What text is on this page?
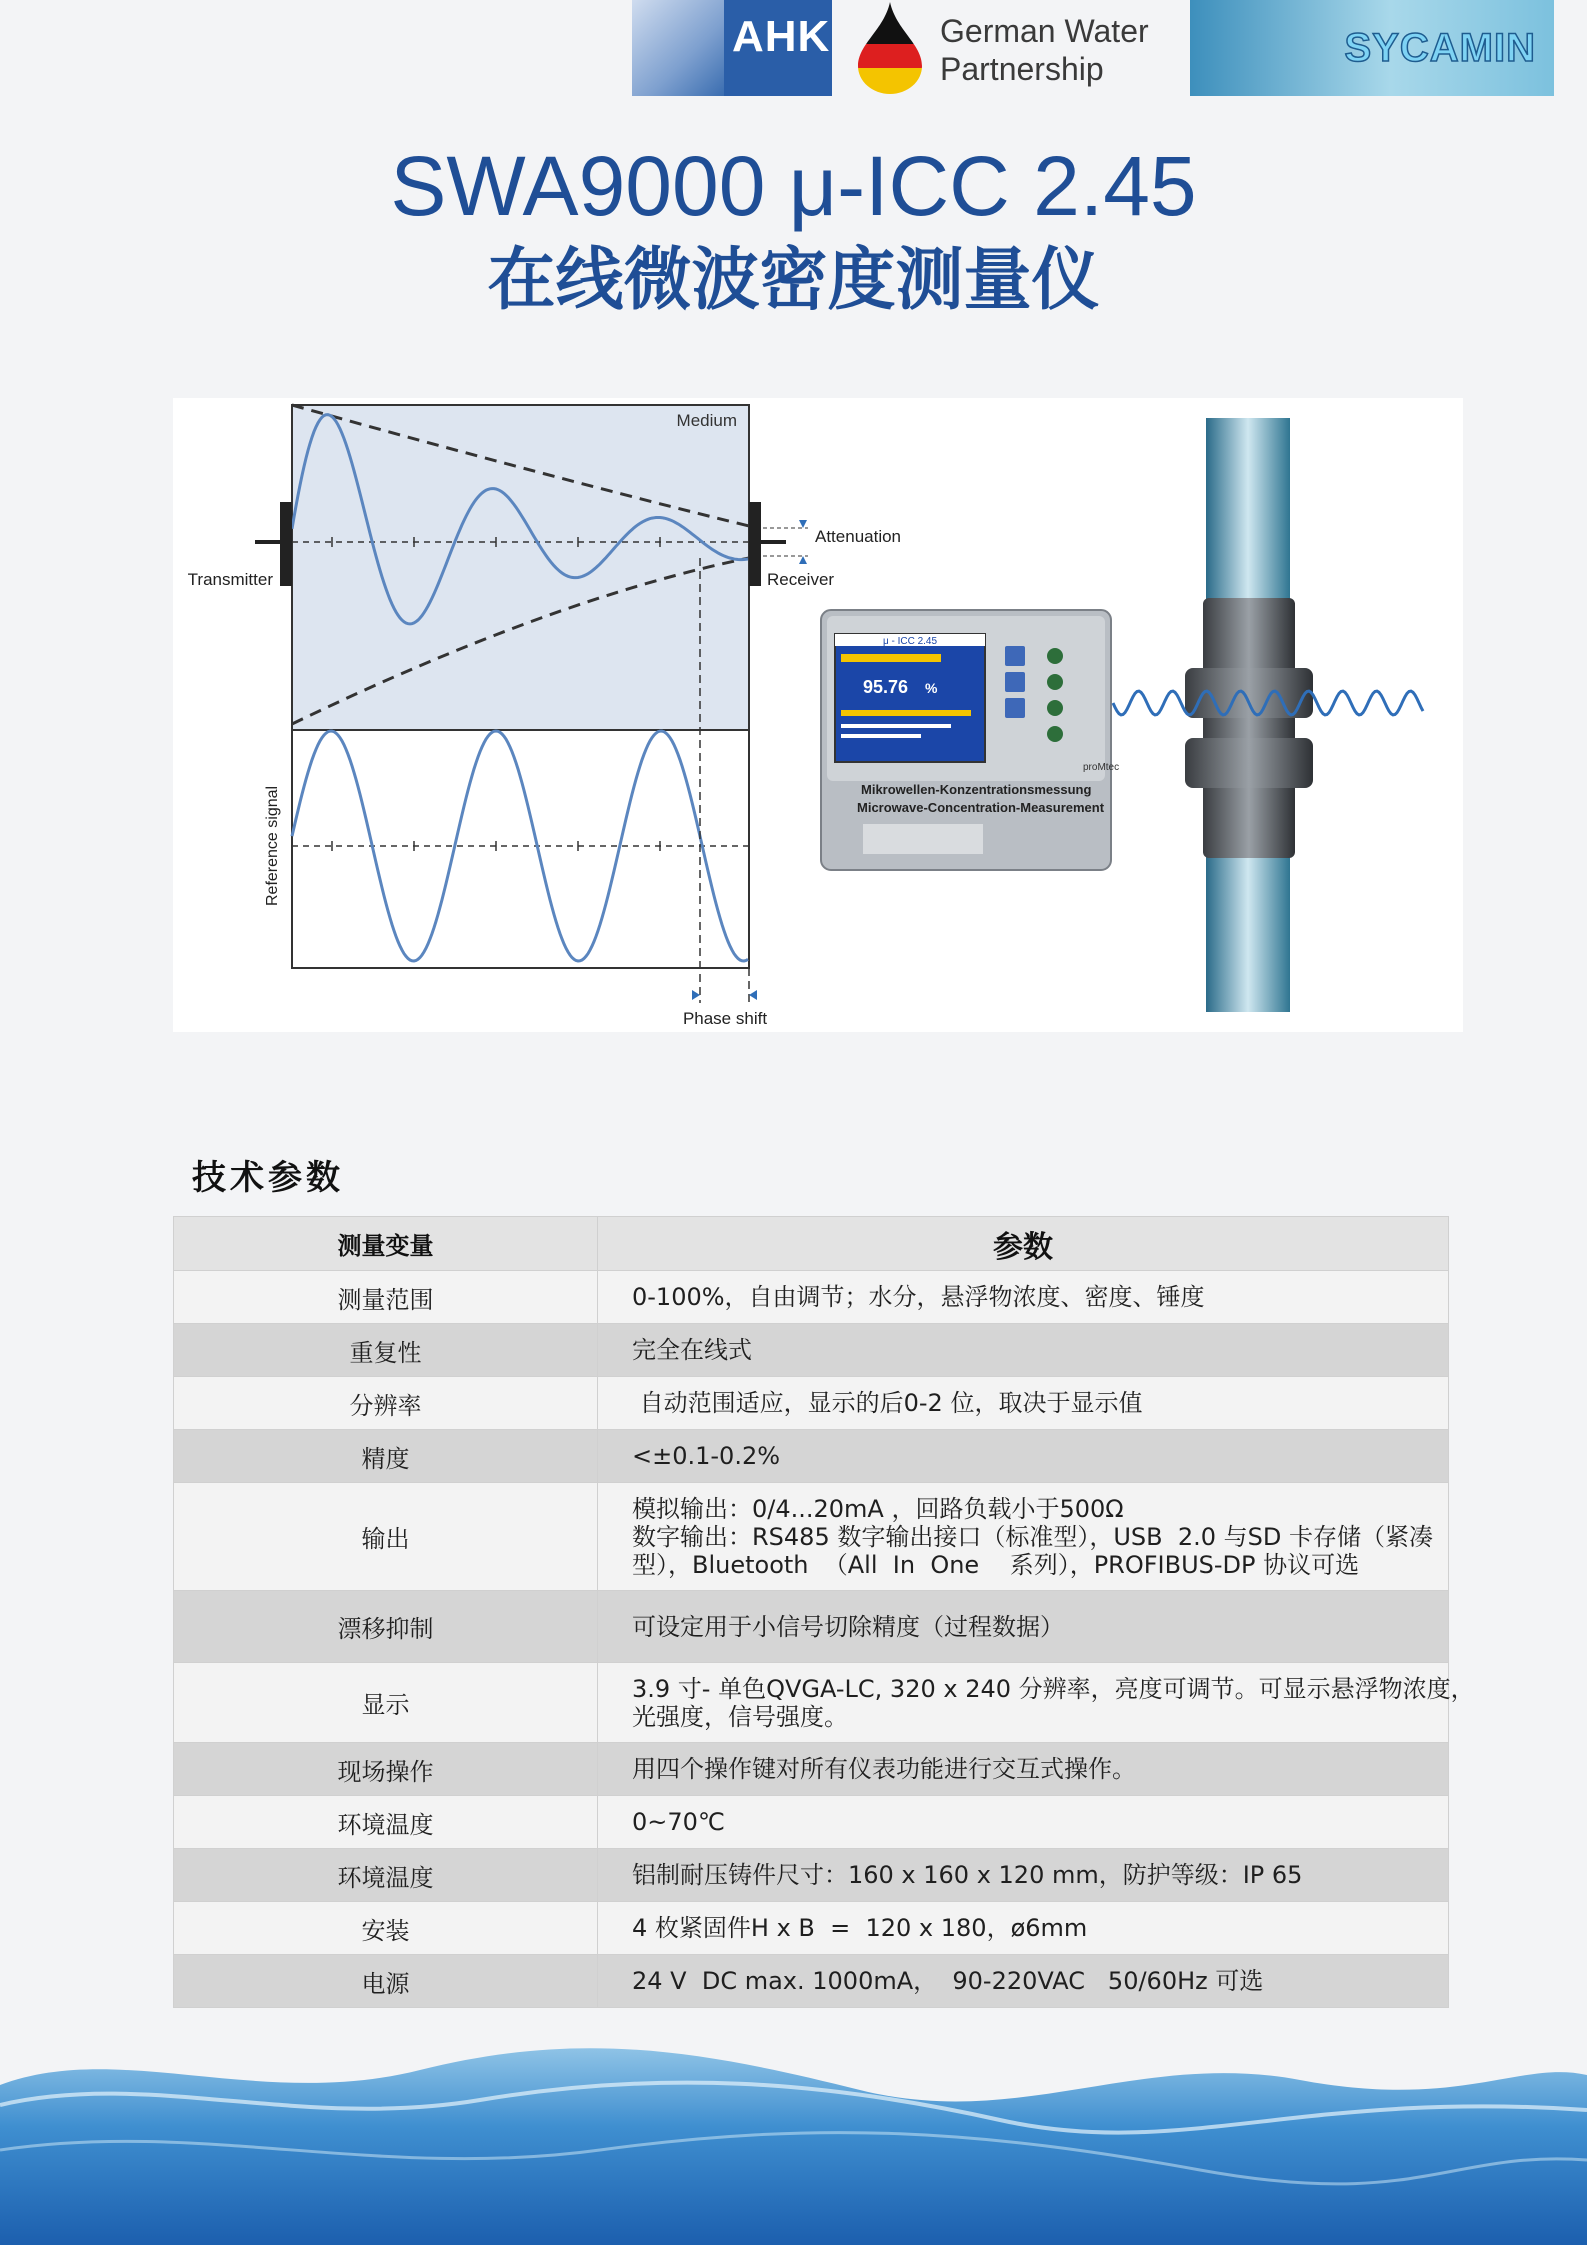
AHK	German Water
Partnership	SYCAMIN
SWA9000 μ-ICC 2.45
在线微波密度测量仪
Medium
Transmitter	Receiver
Attenuation
Reference signal
Phase shift
μ - ICC 2.45
95.76 %
proMtec
Mikrowellen-Konzentrationsmessung
Microwave-Concentration-Measurement
技术参数
测量变量	参数
测量范围	0-100%，自由调节；水分，悬浮物浓度、密度、锤度

重复性	完全在线式

分辨率	自动范围适应，显示的后0-2 位，取决于显示值

精度	<±0.1-0.2%

输出	模拟输出：0/4...20mA ，回路负载小于500Ω
数字输出：RS485 数字输出接口（标准型），USB  2.0 与SD 卡存储（紧凑
型），Bluetooth  （All  In  One    系列），PROFIBUS-DP 协议可选

漂移抑制	可设定用于小信号切除精度（过程数据）

显示	3.9 寸- 单色QVGA-LC, 320 x 240 分辨率，亮度可调节。可显示悬浮物浓度，
光强度，信号强度。

现场操作	用四个操作键对所有仪表功能进行交互式操作。

环境温度	0~70℃

环境温度	铝制耐压铸件尺寸：160 x 160 x 120 mm，防护等级：IP 65

安装	4 枚紧固件H x B  =  120 x 180，ø6mm

电源	24 V  DC max. 1000mA，  90-220VAC   50/60Hz 可选
